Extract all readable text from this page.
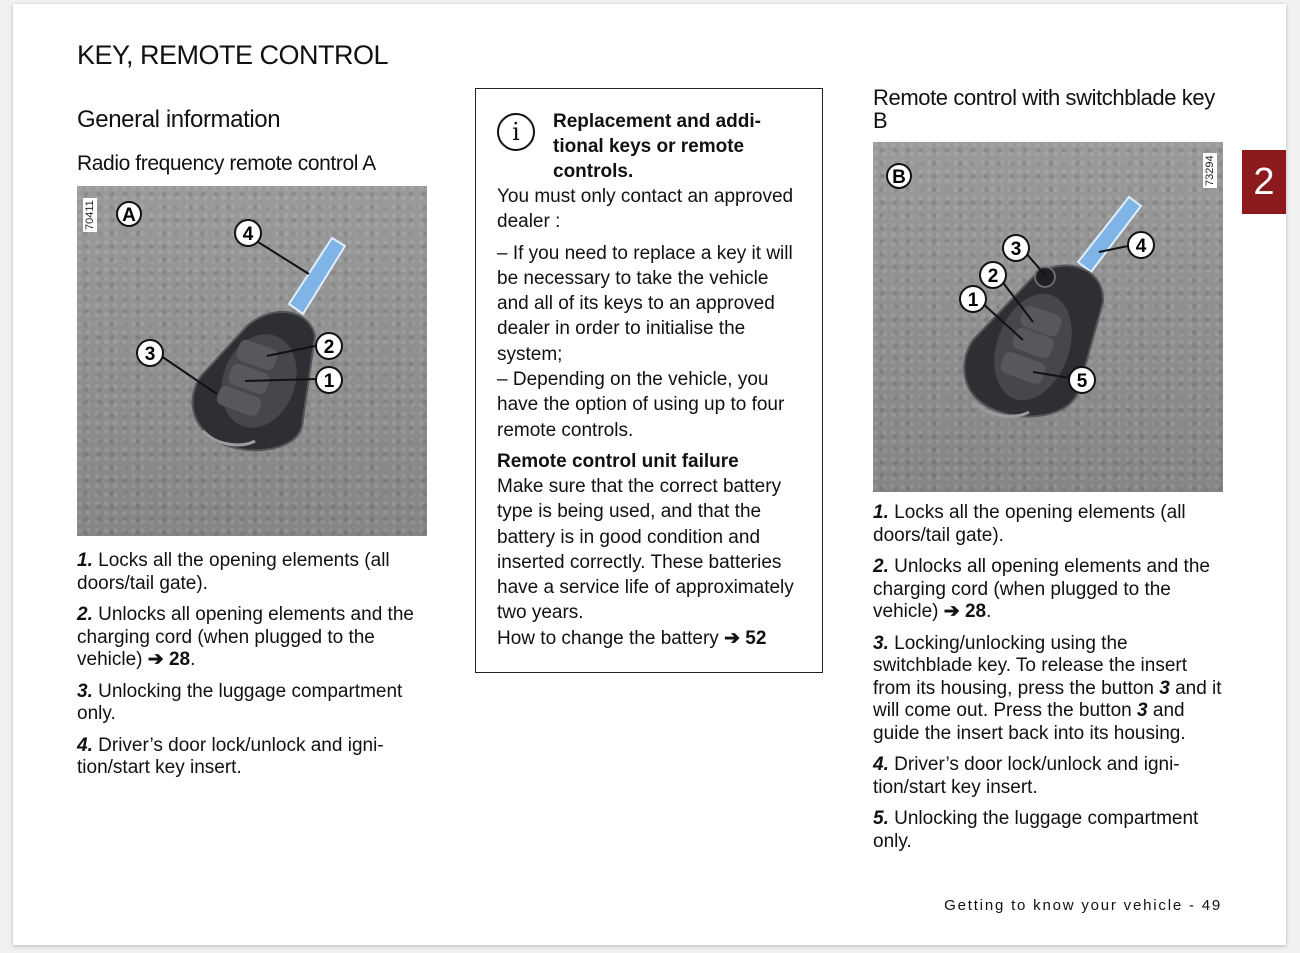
KEY, REMOTE CONTROL
General information
Radio frequency remote control A
A
4
3	2
1
70411
1. Locks all the opening elements (all doors/tail gate).
2. Unlocks all opening elements and the charging cord (when plugged to the vehicle) ➔ 28.
3. Unlocking the luggage compartment only.
4. Driver’s door lock/unlock and ignition/start key insert.
i	Replacement and additional keys or remote controls.

You must only contact an approved dealer :

– If you need to replace a key it will be necessary to take the vehicle and all of its keys to an approved dealer in order to initialise the system;

– Depending on the vehicle, you have the option of using up to four remote controls.

Remote control unit failure

Make sure that the correct battery type is being used, and that the battery is in good condition and inserted correctly. These batteries have a service life of approximately two years.

How to change the battery ➔ 52

Remote control with switchblade key B
B
3
2
1
4
5
73294
1. Locks all the opening elements (all doors/tail gate).
2. Unlocks all opening elements and the charging cord (when plugged to the vehicle) ➔ 28.
3. Locking/unlocking using the switchblade key. To release the insert from its housing, press the button 3 and it will come out. Press the button 3 and guide the insert back into its housing.
4. Driver’s door lock/unlock and ignition/start key insert.
5. Unlocking the luggage compartment only.
2
Getting to know your vehicle - 49
